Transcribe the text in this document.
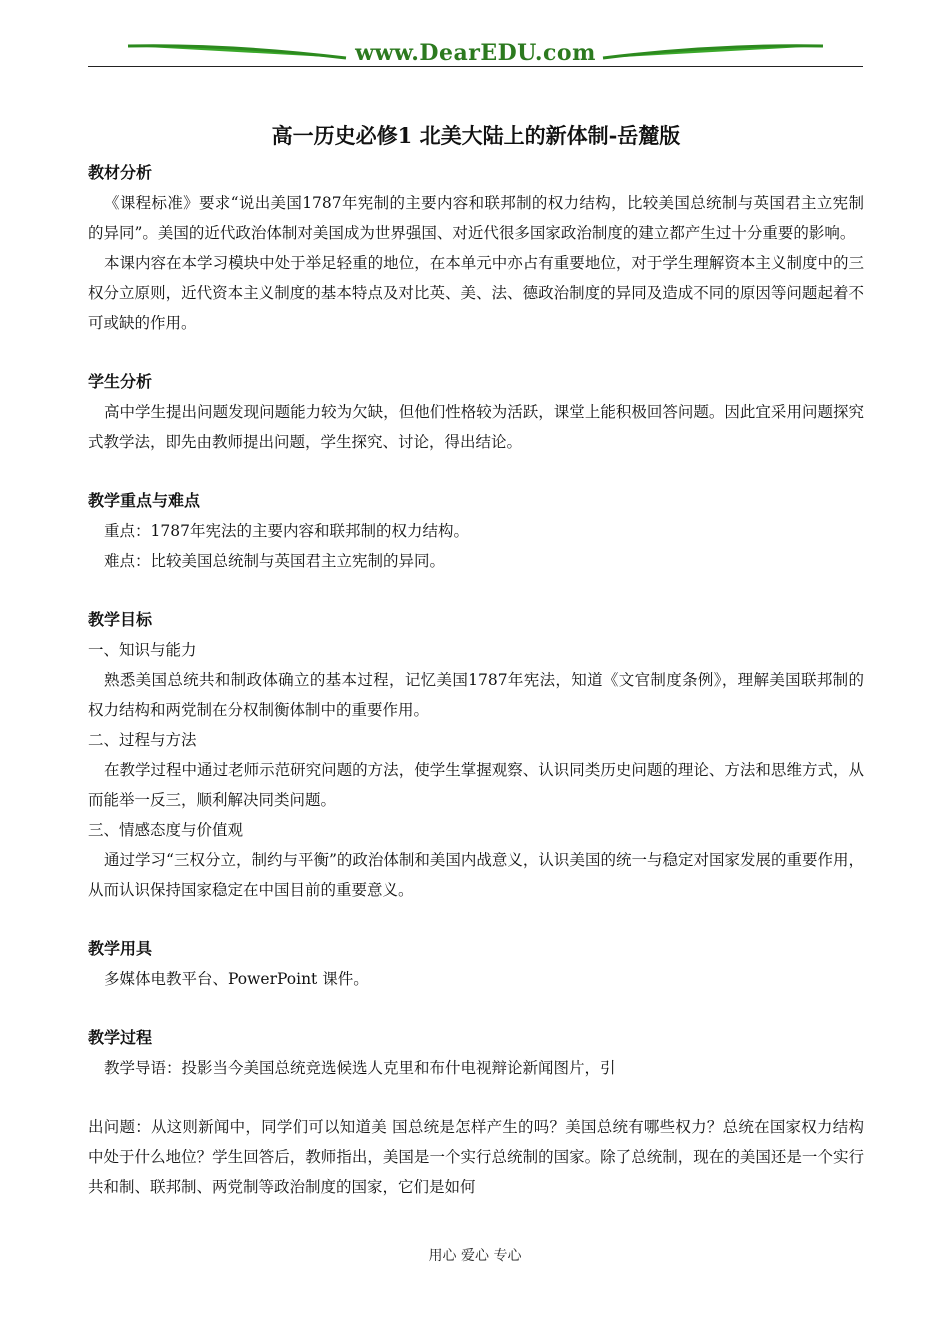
www.DearEDU.com
高一历史必修1 北美大陆上的新体制-岳麓版
教材分析

《课程标准》要求“说出美国1787年宪制的主要内容和联邦制的权力结构，比较美国总统制与英国君主立宪制的异同”。美国的近代政治体制对美国成为世界强国、对近代很多国家政治制度的建立都产生过十分重要的影响。

本课内容在本学习模块中处于举足轻重的地位，在本单元中亦占有重要地位，对于学生理解资本主义制度中的三权分立原则，近代资本主义制度的基本特点及对比英、美、法、德政治制度的异同及造成不同的原因等问题起着不可或缺的作用。

学生分析

高中学生提出问题发现问题能力较为欠缺，但他们性格较为活跃，课堂上能积极回答问题。因此宜采用问题探究式教学法，即先由教师提出问题，学生探究、讨论，得出结论。

教学重点与难点

重点：1787年宪法的主要内容和联邦制的权力结构。

难点：比较美国总统制与英国君主立宪制的异同。

教学目标

一、知识与能力

熟悉美国总统共和制政体确立的基本过程，记忆美国1787年宪法，知道《文官制度条例》，理解美国联邦制的权力结构和两党制在分权制衡体制中的重要作用。

二、过程与方法

在教学过程中通过老师示范研究问题的方法，使学生掌握观察、认识同类历史问题的理论、方法和思维方式，从而能举一反三，顺利解决同类问题。

三、情感态度与价值观

通过学习“三权分立，制约与平衡”的政治体制和美国内战意义，认识美国的统一与稳定对国家发展的重要作用，从而认识保持国家稳定在中国目前的重要意义。

教学用具

多媒体电教平台、PowerPoint 课件。

教学过程

教学导语：投影当今美国总统竞选候选人克里和布什电视辩论新闻图片，引

出问题：从这则新闻中，同学们可以知道美 国总统是怎样产生的吗？美国总统有哪些权力？总统在国家权力结构中处于什么地位？学生回答后，教师指出，美国是一个实行总统制的国家。除了总统制，现在的美国还是一个实行共和制、联邦制、两党制等政治制度的国家，它们是如何

用心 爱心 专心
